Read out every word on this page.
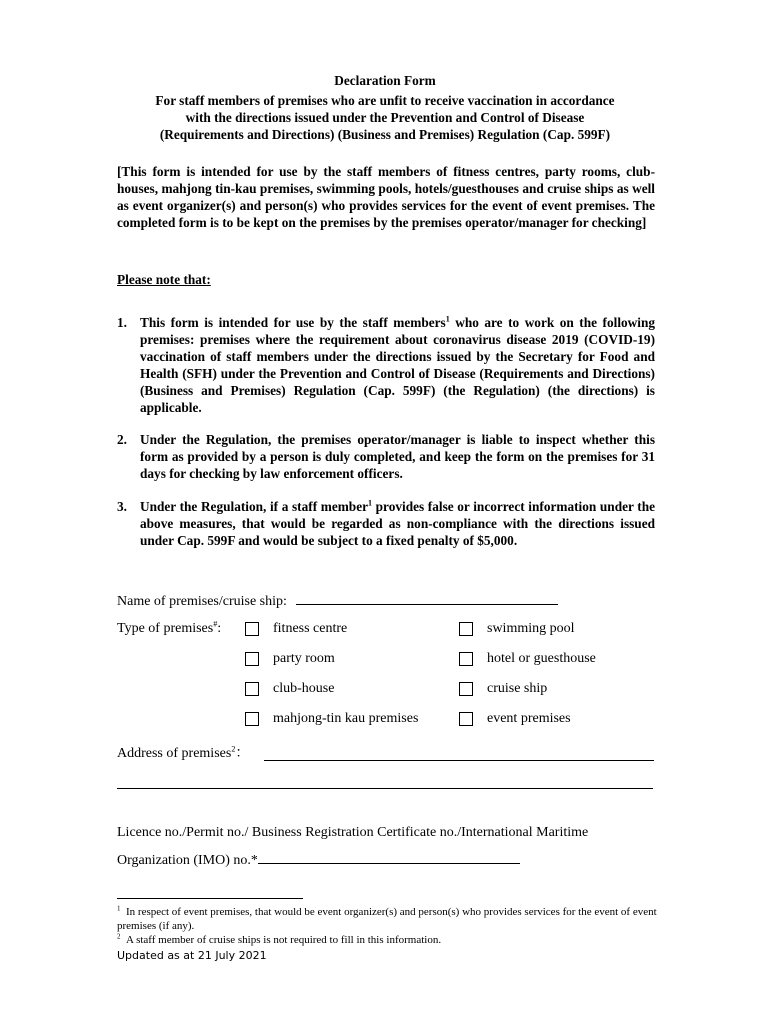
Declaration Form

For staff members of premises who are unfit to receive vaccination in accordance
with the directions issued under the Prevention and Control of Disease
(Requirements and Directions) (Business and Premises) Regulation (Cap. 599F)

[This form is intended for use by the staff members of fitness centres, party rooms, club-houses, mahjong tin-kau premises, swimming pools, hotels/guesthouses and cruise ships as well as event organizer(s) and person(s) who provides services for the event of event premises. The completed form is to be kept on the premises by the premises operator/manager for checking]

Please note that:

1. This form is intended for use by the staff members$^1$ who are to work on the following premises: premises where the requirement about coronavirus disease 2019 (COVID-19) vaccination of staff members under the directions issued by the Secretary for Food and Health (SFH) under the Prevention and Control of Disease (Requirements and Directions) (Business and Premises) Regulation (Cap. 599F) (the Regulation) (the directions) is applicable.
2. Under the Regulation, the premises operator/manager is liable to inspect whether this form as provided by a person is duly completed, and keep the form on the premises for 31 days for checking by law enforcement officers.
3. Under the Regulation, if a staff member$^1$ provides false or incorrect information under the above measures, that would be regarded as non-compliance with the directions issued under Cap. 599F and would be subject to a fixed penalty of $5,000.
Name of premises/cruise ship:
Type of premises#:	fitness centre	swimming pool
party room	hotel or guesthouse
club-house	cruise ship
mahjong-tin kau premises	event premises
Address of premises$^2$：
Licence no./Permit no./ Business Registration Certificate no./International Maritime
Organization (IMO) no.*
$^1$ In respect of event premises, that would be event organizer(s) and person(s) who provides services for the event of event premises (if any).
$^2$ A staff member of cruise ships is not required to fill in this information.
Updated as at 21 July 2021
